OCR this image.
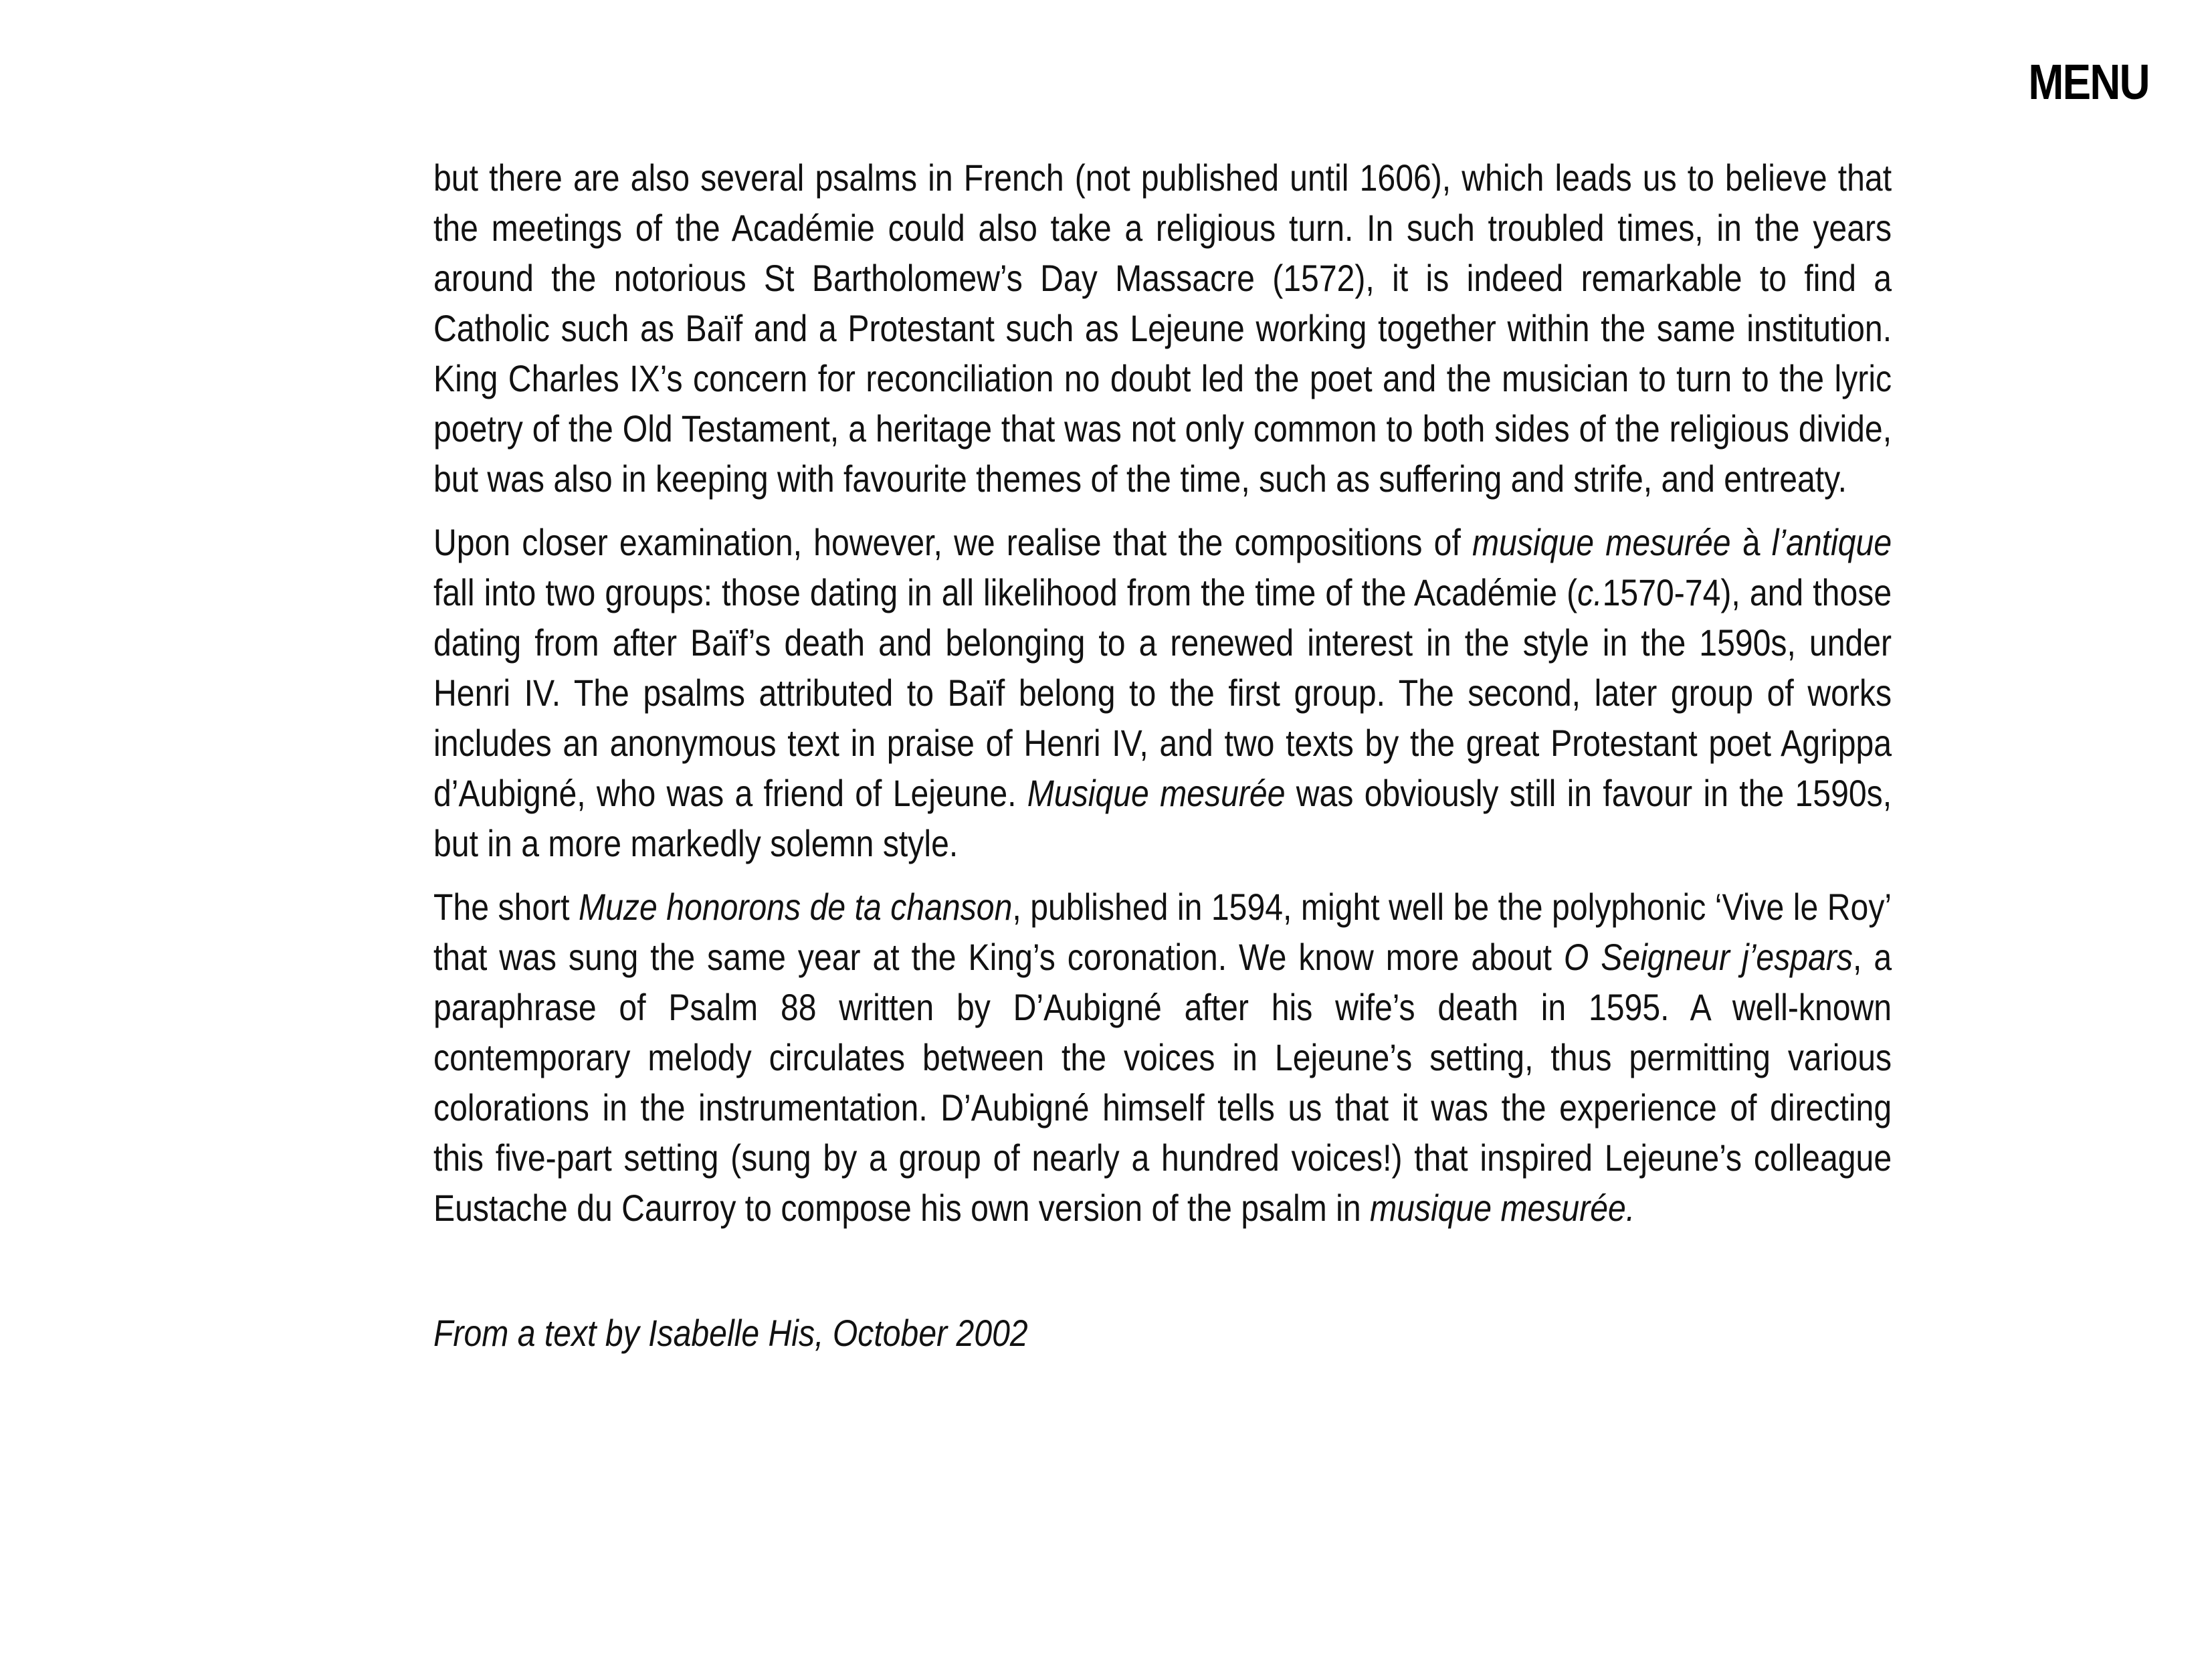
MENU

but there are also several psalms in French (not published until 1606), which leads us to believe that the meetings of the Académie could also take a religious turn. In such troubled times, in the years around the notorious St Bartholomew’s Day Massacre (1572), it is indeed remarkable to find a Catholic such as Baïf and a Protestant such as Lejeune working together within the same institution. King Charles IX’s concern for reconciliation no doubt led the poet and the musician to turn to the lyric poetry of the Old Testament, a heritage that was not only common to both sides of the religious divide, but was also in keeping with favourite themes of the time, such as suffering and strife, and entreaty.

Upon closer examination, however, we realise that the compositions of musique mesurée à l’antique fall into two groups: those dating in all likelihood from the time of the Académie (c.1570-74), and those dating from after Baïf’s death and belonging to a renewed interest in the style in the 1590s, under Henri IV. The psalms attributed to Baïf belong to the first group. The second, later group of works includes an anonymous text in praise of Henri IV, and two texts by the great Protestant poet Agrippa d’Aubigné, who was a friend of Lejeune. Musique mesurée was obviously still in favour in the 1590s, but in a more markedly solemn style.

The short Muze honorons de ta chanson, published in 1594, might well be the polyphonic ‘Vive le Roy’ that was sung the same year at the King’s coronation. We know more about O Seigneur j’espars, a paraphrase of Psalm 88 written by D’Aubigné after his wife’s death in 1595. A well-known contemporary melody circulates between the voices in Lejeune’s setting, thus permitting various colorations in the instrumentation. D’Aubigné himself tells us that it was the experience of directing this five-part setting (sung by a group of nearly a hundred voices!) that inspired Lejeune’s colleague Eustache du Caurroy to compose his own version of the psalm in musique mesurée.

From a text by Isabelle His, October 2002
